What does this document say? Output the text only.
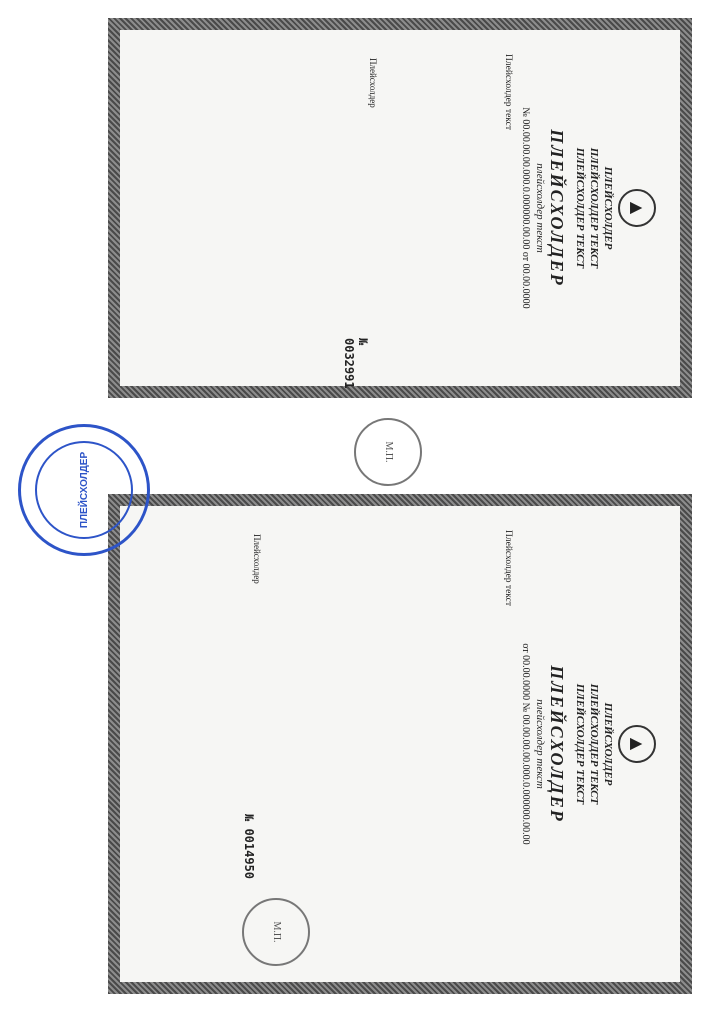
▲
ПЛЕЙСХОЛДЕР
ПЛЕЙСХОЛДЕР ТЕКСТ
ПЛЕЙСХОЛДЕР ТЕКСТ
ПЛЕЙСХОЛДЕР
плейсхолдер текст
№ 00.00.00.00.000.0.000000.00.00 от 00.00.0000
Плейсхолдер текст
М.П.
Плейсхолдер
№ 0032991
▲
ПЛЕЙСХОЛДЕР
ПЛЕЙСХОЛДЕР ТЕКСТ
ПЛЕЙСХОЛДЕР ТЕКСТ
ПЛЕЙСХОЛДЕР
плейсхолдер текст
от 00.00.0000 № 00.00.00.00.000.0.000000.00.00
Плейсхолдер текст
М.П.
Плейсхолдер
№ 0014950
ПЛЕЙСХОЛДЕР
